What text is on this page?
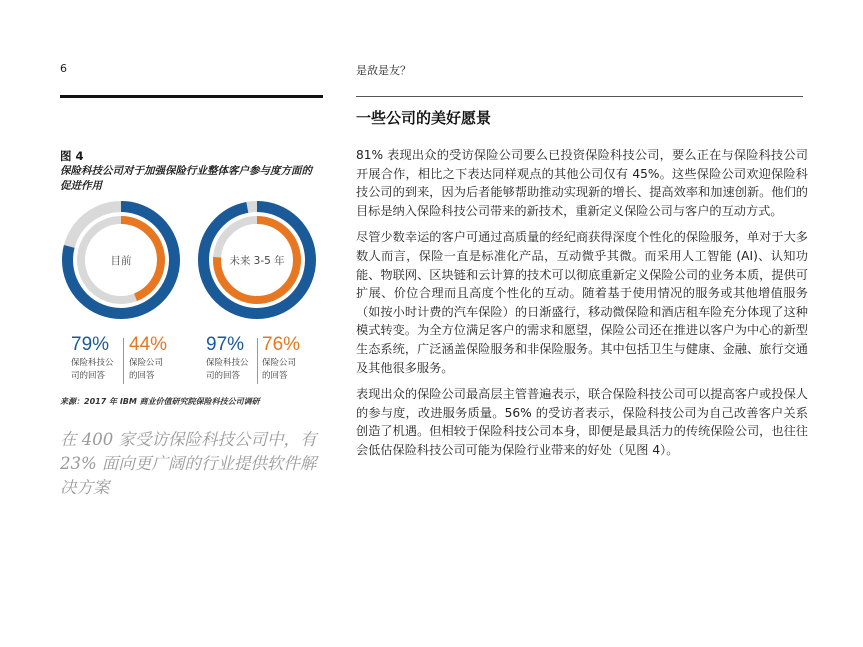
6	是敌是友？
图 4
保险科技公司对于加强保险行业整体客户参与度方面的促进作用
目前	未来 3-5 年
79%
保险科技公司的回答
44%
保险公司的回答
97%
保险科技公司的回答
76%
保险公司的回答
来源：2017 年 IBM 商业价值研究院保险科技公司调研
在 400 家受访保险科技公司中，有 23% 面向更广阔的行业提供软件解决方案
一些公司的美好愿景

81% 表现出众的受访保险公司要么已投资保险科技公司，要么正在与保险科技公司开展合作，相比之下表达同样观点的其他公司仅有 45%。这些保险公司欢迎保险科技公司的到来，因为后者能够帮助推动实现新的增长、提高效率和加速创新。他们的目标是纳入保险科技公司带来的新技术，重新定义保险公司与客户的互动方式。

尽管少数幸运的客户可通过高质量的经纪商获得深度个性化的保险服务，单对于大多数人而言，保险一直是标准化产品，互动微乎其微。而采用人工智能 (AI)、认知功能、物联网、区块链和云计算的技术可以彻底重新定义保险公司的业务本质，提供可扩展、价位合理而且高度个性化的互动。随着基于使用情况的服务或其他增值服务（如按小时计费的汽车保险）的日渐盛行，移动微保险和酒店租车险充分体现了这种模式转变。为全方位满足客户的需求和愿望，保险公司还在推进以客户为中心的新型生态系统，广泛涵盖保险服务和非保险服务。其中包括卫生与健康、金融、旅行交通及其他很多服务。

表现出众的保险公司最高层主管普遍表示，联合保险科技公司可以提高客户或投保人的参与度，改进服务质量。56% 的受访者表示，保险科技公司为自己改善客户关系创造了机遇。但相较于保险科技公司本身，即便是最具活力的传统保险公司，也往往会低估保险科技公司可能为保险行业带来的好处（见图 4）。
